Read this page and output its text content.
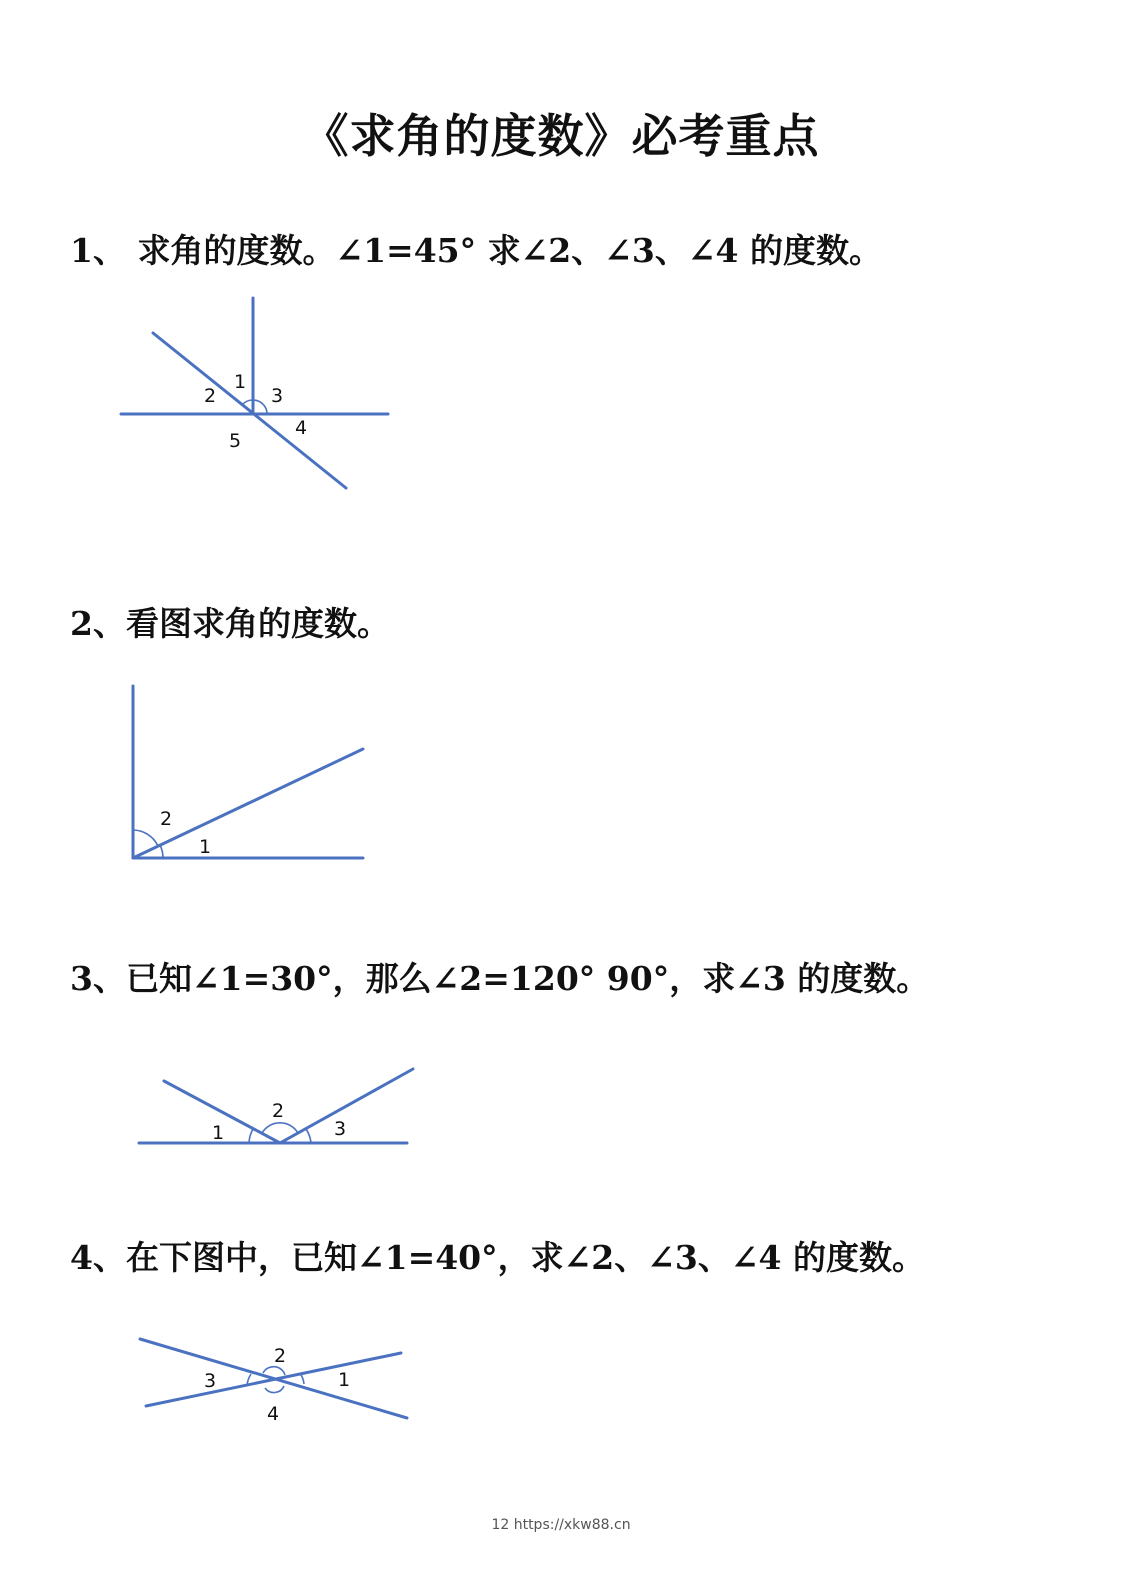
《求角的度数》必考重点
1、 求角的度数。∠1=45° 求∠2、∠3、∠4 的度数。
2、看图求角的度数。
3、已知∠1=30°，那么∠2=120° 90°，求∠3 的度数。
4、在下图中，已知∠1=40°，求∠2、∠3、∠4 的度数。
1
2	3
4
5
2
1
1
2
3
2
1
3
4
12 https://xkw88.cn
